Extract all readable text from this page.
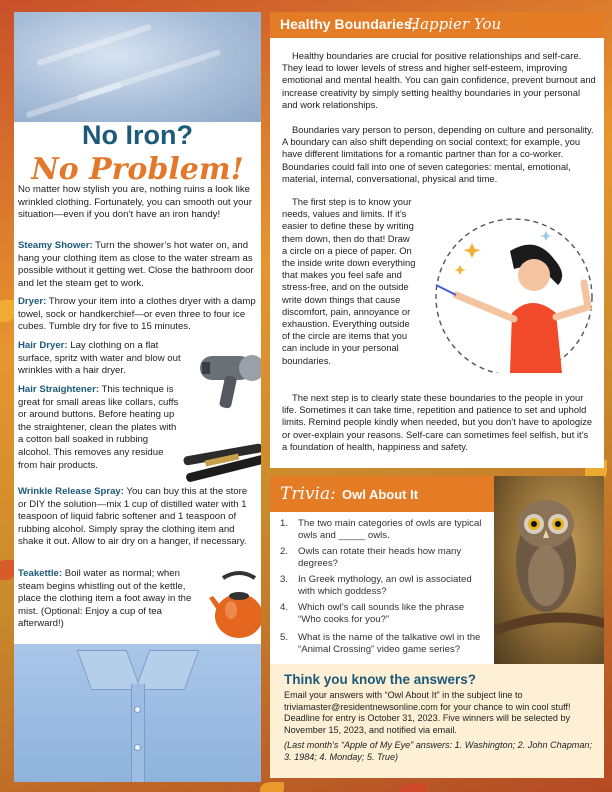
No Iron?
No Problem!
No matter how stylish you are, nothing ruins a look like wrinkled clothing. Fortunately, you can smooth out your situation—even if you don’t have an iron handy!
Steamy Shower: Turn the shower’s hot water on, and hang your clothing item as close to the water stream as possible without it getting wet. Close the bathroom door and let the steam get to work.
Dryer: Throw your item into a clothes dryer with a damp towel, sock or handkerchief—or even three to four ice cubes. Tumble dry for five to 15 minutes.
Hair Dryer: Lay clothing on a flat surface, spritz with water and blow out wrinkles with a hair dryer.
Hair Straightener: This technique is great for small areas like collars, cuffs or around buttons. Before heating up the straightener, clean the plates with a cotton ball soaked in rubbing alcohol. This removes any residue from hair products.
Wrinkle Release Spray: You can buy this at the store or DIY the solution—mix 1 cup of distilled water with 1 teaspoon of liquid fabric softener and 1 teaspoon of rubbing alcohol. Simply spray the clothing item and shake it out. Allow to air dry on a hanger, if necessary.
Teakettle: Boil water as normal; when steam begins whistling out of the kettle, place the clothing item a foot away in the mist. (Optional: Enjoy a cup of tea afterward!)
Healthy Boundaries,
Happier You
Healthy boundaries are crucial for positive relationships and self-care. They lead to lower levels of stress and higher self-esteem, improving emotional and mental health. You can gain confidence, prevent burnout and increase creativity by simply setting healthy boundaries in your personal and work relationships.
Boundaries vary person to person, depending on culture and personality. A boundary can also shift depending on social context; for example, you have different limitations for a romantic partner than for a co-worker. Boundaries could fall into one of seven categories: mental, emotional, material, internal, conversational, physical and time.
The first step is to know your needs, values and limits. If it’s easier to define these by writing them down, then do that! Draw a circle on a piece of paper. On the inside write down everything that makes you feel safe and stress-free, and on the outside write down things that cause discomfort, pain, annoyance or exhaustion. Everything outside of the circle are items that you can include in your personal boundaries.
The next step is to clearly state these boundaries to the people in your life. Sometimes it can take time, repetition and patience to set and uphold limits. Remind people kindly when needed, but you don’t have to apologize or over-explain your reasons. Self-care can sometimes feel selfish, but it’s a foundation of health, happiness and safety.
Trivia: Owl About It
1. The two main categories of owls are typical owls and _____ owls.
2. Owls can rotate their heads how many degrees?
3. In Greek mythology, an owl is associated with which goddess?
4. Which owl’s call sounds like the phrase “Who cooks for you?”
5. What is the name of the talkative owl in the “Animal Crossing” video game series?
Think you know the answers?
Email your answers with “Owl About It” in the subject line to triviamaster@residentnewsonline.com for your chance to win cool stuff! Deadline for entry is October 31, 2023. Five winners will be selected by November 15, 2023, and notified via email.
(Last month’s “Apple of My Eye” answers: 1. Washington; 2. John Chapman; 3. 1984; 4. Monday; 5. True)
